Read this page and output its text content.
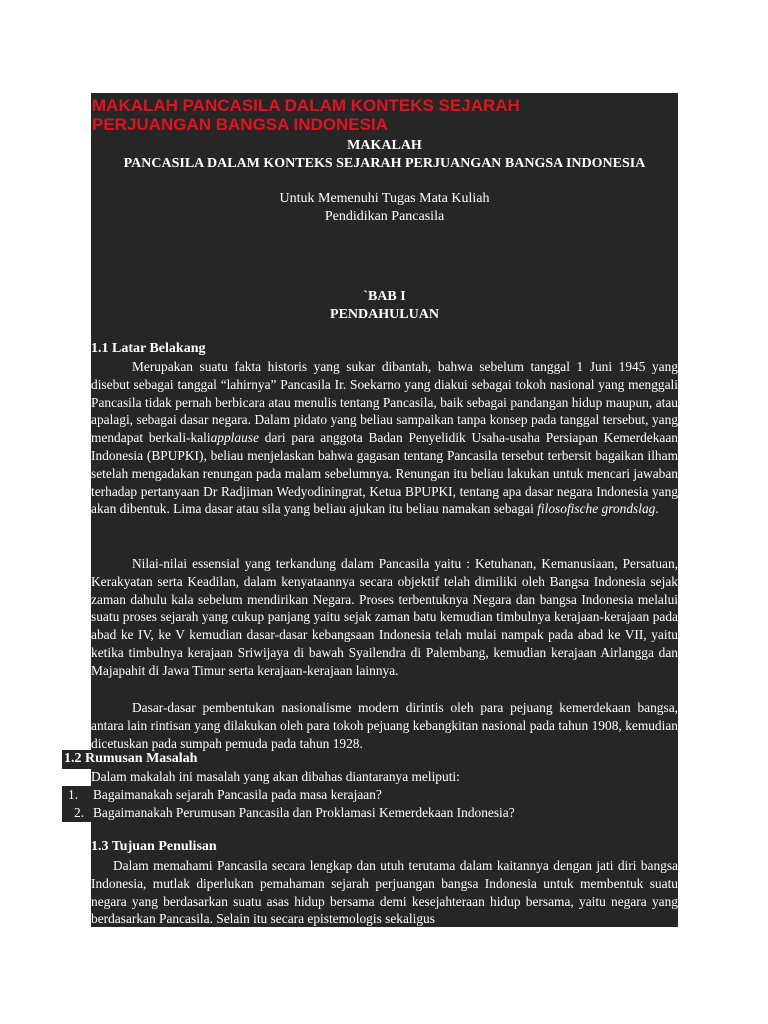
MAKALAH PANCASILA DALAM KONTEKS SEJARAH
PERJUANGAN BANGSA INDONESIA
MAKALAH
PANCASILA DALAM KONTEKS SEJARAH PERJUANGAN BANGSA INDONESIA
Untuk Memenuhi Tugas Mata Kuliah
Pendidikan Pancasila
`BAB I
PENDAHULUAN
1.1 Latar Belakang
Merupakan suatu fakta historis yang sukar dibantah, bahwa sebelum tanggal 1 Juni 1945 yang disebut sebagai tanggal “lahirnya” Pancasila Ir. Soekarno yang diakui sebagai tokoh nasional yang menggali Pancasila tidak pernah berbicara atau menulis tentang Pancasila, baik sebagai pandangan hidup maupun, atau apalagi, sebagai dasar negara. Dalam pidato yang beliau sampaikan tanpa konsep pada tanggal tersebut, yang mendapat berkali-kaliapplause dari para anggota Badan Penyelidik Usaha-usaha Persiapan Kemerdekaan Indonesia (BPUPKI), beliau menjelaskan bahwa gagasan tentang Pancasila tersebut terbersit bagaikan ilham setelah mengadakan renungan pada malam sebelumnya. Renungan itu beliau lakukan untuk mencari jawaban terhadap pertanyaan Dr Radjiman Wedyodiningrat, Ketua BPUPKI, tentang apa dasar negara Indonesia yang akan dibentuk. Lima dasar atau sila yang beliau ajukan itu beliau namakan sebagai filosofische grondslag.
Nilai-nilai essensial yang terkandung dalam Pancasila yaitu : Ketuhanan, Kemanusiaan, Persatuan, Kerakyatan serta Keadilan, dalam kenyataannya secara objektif telah dimiliki oleh Bangsa Indonesia sejak zaman dahulu kala sebelum mendirikan Negara. Proses terbentuknya Negara dan bangsa Indonesia melalui suatu proses sejarah yang cukup panjang yaitu sejak zaman batu kemudian timbulnya kerajaan-kerajaan pada abad ke IV, ke V kemudian dasar-dasar kebangsaan Indonesia telah mulai nampak pada abad ke VII, yaitu ketika timbulnya kerajaan Sriwijaya di bawah Syailendra di Palembang, kemudian kerajaan Airlangga dan Majapahit di Jawa Timur serta kerajaan-kerajaan lainnya.
Dasar-dasar pembentukan nasionalisme modern dirintis oleh para pejuang kemerdekaan bangsa, antara lain rintisan yang dilakukan oleh para tokoh pejuang kebangkitan nasional pada tahun 1908, kemudian dicetuskan pada sumpah pemuda pada tahun 1928.
1.2 Rumusan Masalah
Dalam makalah ini masalah yang akan dibahas diantaranya meliputi:
1. Bagaimanakah sejarah Pancasila pada masa kerajaan?
2. Bagaimanakah Perumusan Pancasila dan Proklamasi Kemerdekaan Indonesia?
1.3 Tujuan Penulisan
Dalam memahami Pancasila secara lengkap dan utuh terutama dalam kaitannya dengan jati diri bangsa Indonesia, mutlak diperlukan pemahaman sejarah perjuangan bangsa Indonesia untuk membentuk suatu negara yang berdasarkan suatu asas hidup bersama demi kesejahteraan hidup bersama, yaitu negara yang berdasarkan Pancasila. Selain itu secara epistemologis sekaligus
